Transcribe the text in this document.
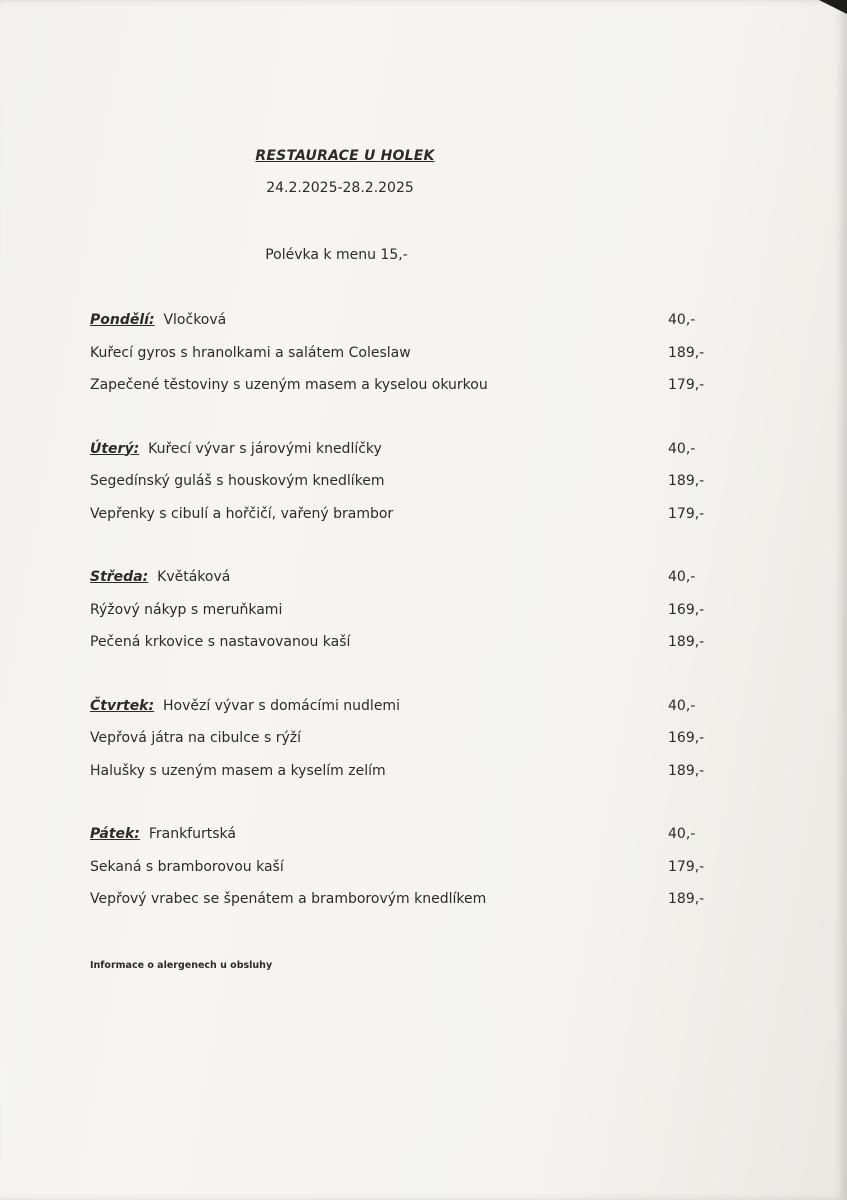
RESTAURACE U HOLEK
24.2.2025-28.2.2025
Polévka k menu 15,-
Pondělí: Vločková	40,-
Kuřecí gyros s hranolkami a salátem Coleslaw	189,-
Zapečené těstoviny s uzeným masem a kyselou okurkou	179,-
Úterý: Kuřecí vývar s járovými knedlíčky	40,-
Segedínský guláš s houskovým knedlíkem	189,-
Vepřenky s cibulí a hořčičí, vařený brambor	179,-
Středa: Květáková	40,-
Rýžový nákyp s meruňkami	169,-
Pečená krkovice s nastavovanou kaší	189,-
Čtvrtek: Hovězí vývar s domácími nudlemi	40,-
Vepřová játra na cibulce s rýží	169,-
Halušky s uzeným masem a kyselím zelím	189,-
Pátek: Frankfurtská	40,-
Sekaná s bramborovou kaší	179,-
Vepřový vrabec se špenátem a bramborovým knedlíkem	189,-
Informace o alergenech u obsluhy
